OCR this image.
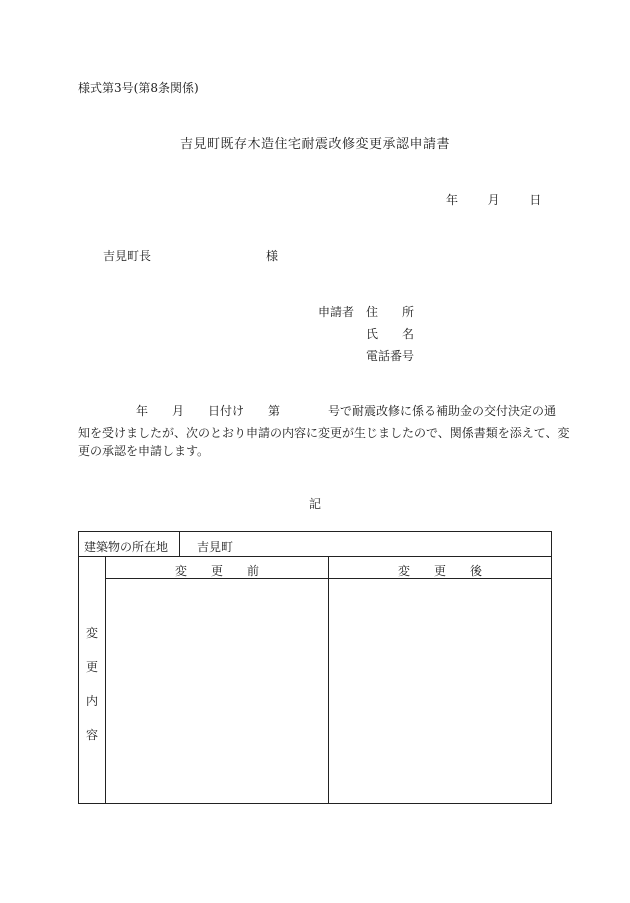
様式第3号(第8条関係)
吉見町既存木造住宅耐震改修変更承認申請書
年 月 日
吉見町長	様
申請者 住　　所
氏　　名
電話番号
年　　月　　日付け　　第　　　　号で耐震改修に係る補助金の交付決定の通
知を受けましたが、次のとおり申請の内容に変更が生じましたので、関係書類を添えて、変
更の承認を申請します。
記
建築物の所在地 吉見町
変
更
内
容
変　　更　　前	変　　更　　後
